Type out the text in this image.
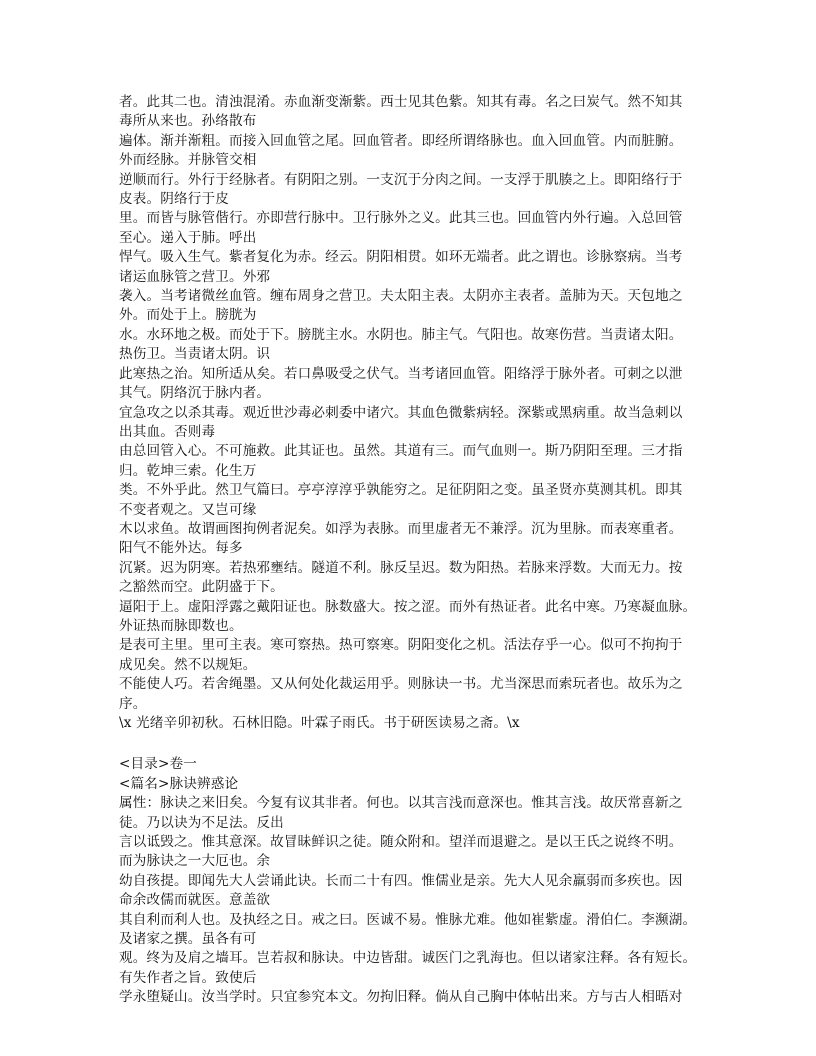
者。此其二也。清浊混淆。赤血渐变渐紫。西士见其色紫。知其有毒。名之曰炭气。然不知其
毒所从来也。孙络散布
遍体。渐并渐粗。而接入回血管之尾。回血管者。即经所谓络脉也。血入回血管。内而脏腑。
外而经脉。并脉管交相
逆顺而行。外行于经脉者。有阴阳之别。一支沉于分肉之间。一支浮于肌腠之上。即阳络行于
皮表。阴络行于皮
里。而皆与脉管偕行。亦即营行脉中。卫行脉外之义。此其三也。回血管内外行遍。入总回管
至心。递入于肺。呼出
悍气。吸入生气。紫者复化为赤。经云。阴阳相贯。如环无端者。此之谓也。诊脉察病。当考
诸运血脉管之营卫。外邪
袭入。当考诸微丝血管。缠布周身之营卫。夫太阳主表。太阴亦主表者。盖肺为天。天包地之
外。而处于上。膀胱为
水。水环地之极。而处于下。膀胱主水。水阴也。肺主气。气阳也。故寒伤营。当责诸太阳。
热伤卫。当责诸太阴。识
此寒热之治。知所适从矣。若口鼻吸受之伏气。当考诸回血管。阳络浮于脉外者。可刺之以泄
其气。阴络沉于脉内者。
宜急攻之以杀其毒。观近世沙毒必刺委中诸穴。其血色微紫病轻。深紫或黑病重。故当急刺以
出其血。否则毒
由总回管入心。不可施救。此其证也。虽然。其道有三。而气血则一。斯乃阴阳至理。三才指
归。乾坤三索。化生万
类。不外乎此。然卫气篇曰。亭亭淳淳乎孰能穷之。足征阴阳之变。虽圣贤亦莫测其机。即其
不变者观之。又岂可缘
木以求鱼。故谓画图拘例者泥矣。如浮为表脉。而里虚者无不兼浮。沉为里脉。而表寒重者。
阳气不能外达。每多
沉紧。迟为阴寒。若热邪壅结。隧道不利。脉反呈迟。数为阳热。若脉来浮数。大而无力。按
之豁然而空。此阴盛于下。
逼阳于上。虚阳浮露之戴阳证也。脉数盛大。按之涩。而外有热证者。此名中寒。乃寒凝血脉。
外证热而脉即数也。
是表可主里。里可主表。寒可察热。热可察寒。阴阳变化之机。活法存乎一心。似可不拘拘于
成见矣。然不以规矩。
不能使人巧。若舍绳墨。又从何处化裁运用乎。则脉诀一书。尤当深思而索玩者也。故乐为之
序。
\x 光绪辛卯初秋。石林旧隐。叶霖子雨氏。书于研医读易之斋。\x
<目录>卷一
<篇名>脉诀辨惑论
属性：脉诀之来旧矣。今复有议其非者。何也。以其言浅而意深也。惟其言浅。故厌常喜新之
徒。乃以诀为不足法。反出
言以诋毁之。惟其意深。故冒昧鲜识之徒。随众附和。望洋而退避之。是以王氏之说终不明。
而为脉诀之一大厄也。余
幼自孩提。即闻先大人尝诵此诀。长而二十有四。惟儒业是亲。先大人见余羸弱而多疾也。因
命余改儒而就医。意盖欲
其自利而利人也。及执经之日。戒之曰。医诚不易。惟脉尤难。他如崔紫虚。滑伯仁。李濒湖。
及诸家之撰。虽各有可
观。终为及肩之墙耳。岂若叔和脉诀。中边皆甜。诚医门之乳海也。但以诸家注释。各有短长。
有失作者之旨。致使后
学永堕疑山。汝当学时。只宜参究本文。勿拘旧释。倘从自己胸中体帖出来。方与古人相晤对
